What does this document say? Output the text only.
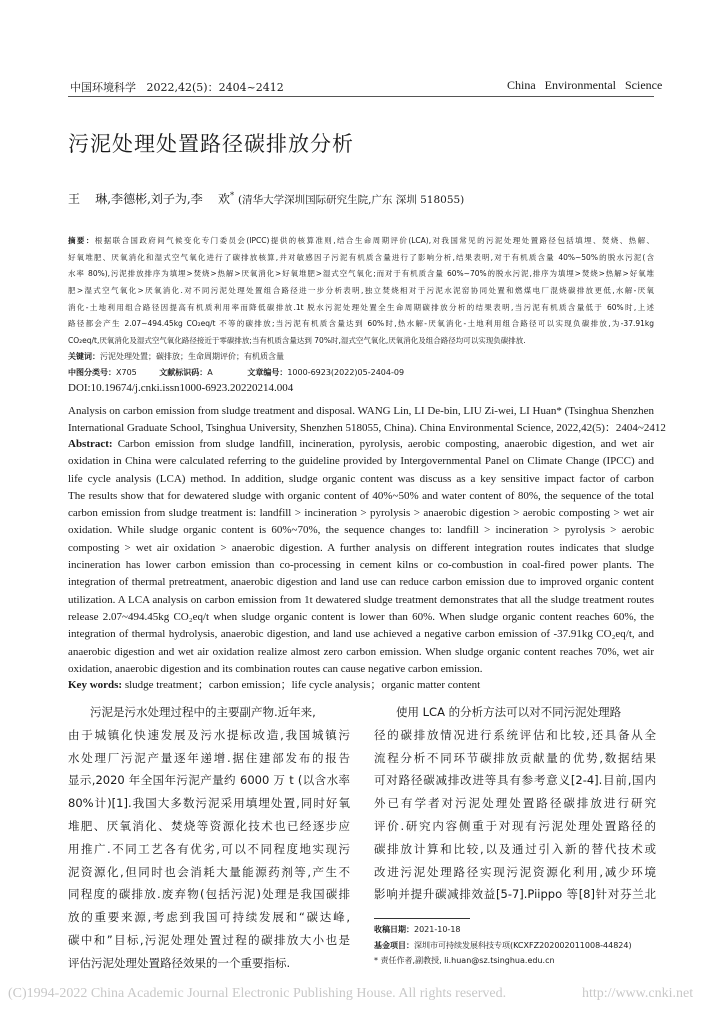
中国环境科学 2022,42(5)：2404~2412	China   Environmental   Science
污泥处理处置路径碳排放分析
王    琳,李德彬,刘子为,李    欢* (清华大学深圳国际研究生院,广东 深圳 518055)
摘要：根据联合国政府间气候变化专门委员会(IPCC)提供的核算准则,结合生命周期评价(LCA),对我国常见的污泥处理处置路径包括填埋、焚烧、热解、
好氧堆肥、厌氧消化和湿式空气氧化进行了碳排放核算,并对敏感因子污泥有机质含量进行了影响分析,结果表明,对于有机质含量 40%~50%的脱水污泥(含
水率 80%),污泥排放排序为填埋>焚烧>热解>厌氧消化>好氧堆肥>湿式空气氧化;而对于有机质含量 60%~70%的脱水污泥,排序为填埋>焚烧>热解>好氧堆
肥>湿式空气氧化>厌氧消化.对不同污泥处理处置组合路径进一步分析表明,独立焚烧相对于污泥水泥窑协同处置和燃煤电厂混烧碳排放更低,水解-厌氧
消化-土地利用组合路径因提高有机质利用率而降低碳排放.1t 脱水污泥处理处置全生命周期碳排放分析的结果表明,当污泥有机质含量低于 60%时,上述
路径都会产生 2.07~494.45kg CO₂eq/t 不等的碳排放;当污泥有机质含量达到 60%时,热水解-厌氧消化-土地利用组合路径可以实现负碳排放,为-37.91kg
CO₂eq/t,厌氧消化及湿式空气氧化路径接近于零碳排放;当有机质含量达到 70%时,湿式空气氧化,厌氧消化及组合路径均可以实现负碳排放.
关键词：污泥处理处置；碳排放；生命周期评价；有机质含量
中图分类号：X705	文献标识码：A	文章编号：1000-6923(2022)05-2404-09
DOI:10.19674/j.cnki.issn1000-6923.20220214.004
Analysis on carbon emission from sludge treatment and disposal. WANG Lin, LI De-bin, LIU Zi-wei, LI Huan* (Tsinghua Shenzhen
International Graduate School, Tsinghua University, Shenzhen 518055, China). China Environmental Science, 2022,42(5)：2404~2412
Abstract: Carbon emission from sludge landfill, incineration, pyrolysis, aerobic composting, anaerobic digestion, and wet air
oxidation in China were calculated referring to the guideline provided by Intergovernmental Panel on Climate Change (IPCC) and
life cycle analysis (LCA) method. In addition, sludge organic content was discuss as a key sensitive impact factor of carbon
The results show that for dewatered sludge with organic content of 40%~50% and water content of 80%, the sequence of the total
carbon emission from sludge treatment is: landfill > incineration > pyrolysis > anaerobic digestion > aerobic composting > wet air
oxidation. While sludge organic content is 60%~70%, the sequence changes to: landfill > incineration > pyrolysis > aerobic
composting > wet air oxidation > anaerobic digestion. A further analysis on different integration routes indicates that sludge
incineration has lower carbon emission than co-processing in cement kilns or co-combustion in coal-fired power plants. The
integration of thermal pretreatment, anaerobic digestion and land use can reduce carbon emission due to improved organic content
utilization. A LCA analysis on carbon emission from 1t dewatered sludge treatment demonstrates that all the sludge treatment routes
release 2.07~494.45kg CO₂eq/t when sludge organic content is lower than 60%. When sludge organic content reaches 60%, the
integration of thermal hydrolysis, anaerobic digestion, and land use achieved a negative carbon emission of -37.91kg CO₂eq/t, and
anaerobic digestion and wet air oxidation realize almost zero carbon emission. When sludge organic content reaches 70%, wet air
oxidation, anaerobic digestion and its combination routes can cause negative carbon emission.
Key words: sludge treatment；carbon emission；life cycle analysis；organic matter content
污泥是污水处理过程中的主要副产物.近年来,
由于城镇化快速发展及污水提标改造,我国城镇污
水处理厂污泥产量逐年递增.据住建部发布的报告
显示,2020 年全国年污泥产量约 6000 万 t (以含水率
80%计)[1].我国大多数污泥采用填埋处置,同时好氧
堆肥、厌氧消化、焚烧等资源化技术也已经逐步应
用推广.不同工艺各有优劣,可以不同程度地实现污
泥资源化,但同时也会消耗大量能源药剂等,产生不
同程度的碳排放.废弃物(包括污泥)处理是我国碳排
放的重要来源,考虑到我国可持续发展和“碳达峰,
碳中和”目标,污泥处理处置过程的碳排放大小也是
评估污泥处理处置路径效果的一个重要指标.
使用 LCA 的分析方法可以对不同污泥处理路
径的碳排放情况进行系统评估和比较,还具备从全
流程分析不同环节碳排放贡献量的优势,数据结果
可对路径碳减排改进等具有参考意义[2-4].目前,国内
外已有学者对污泥处理处置路径碳排放进行研究
评价.研究内容侧重于对现有污泥处理处置路径的
碳排放计算和比较,以及通过引入新的替代技术或
改进污泥处理路径实现污泥资源化利用,减少环境
影响并提升碳减排效益[5-7].Piippo 等[8]针对芬兰北
收稿日期：2021-10-18
基金项目：深圳市可持续发展科技专项(KCXFZ202002011008-44824)
* 责任作者,副教授, li.huan@sz.tsinghua.edu.cn
(C)1994-2022 China Academic Journal Electronic Publishing House. All rights reserved.	http://www.cnki.net
